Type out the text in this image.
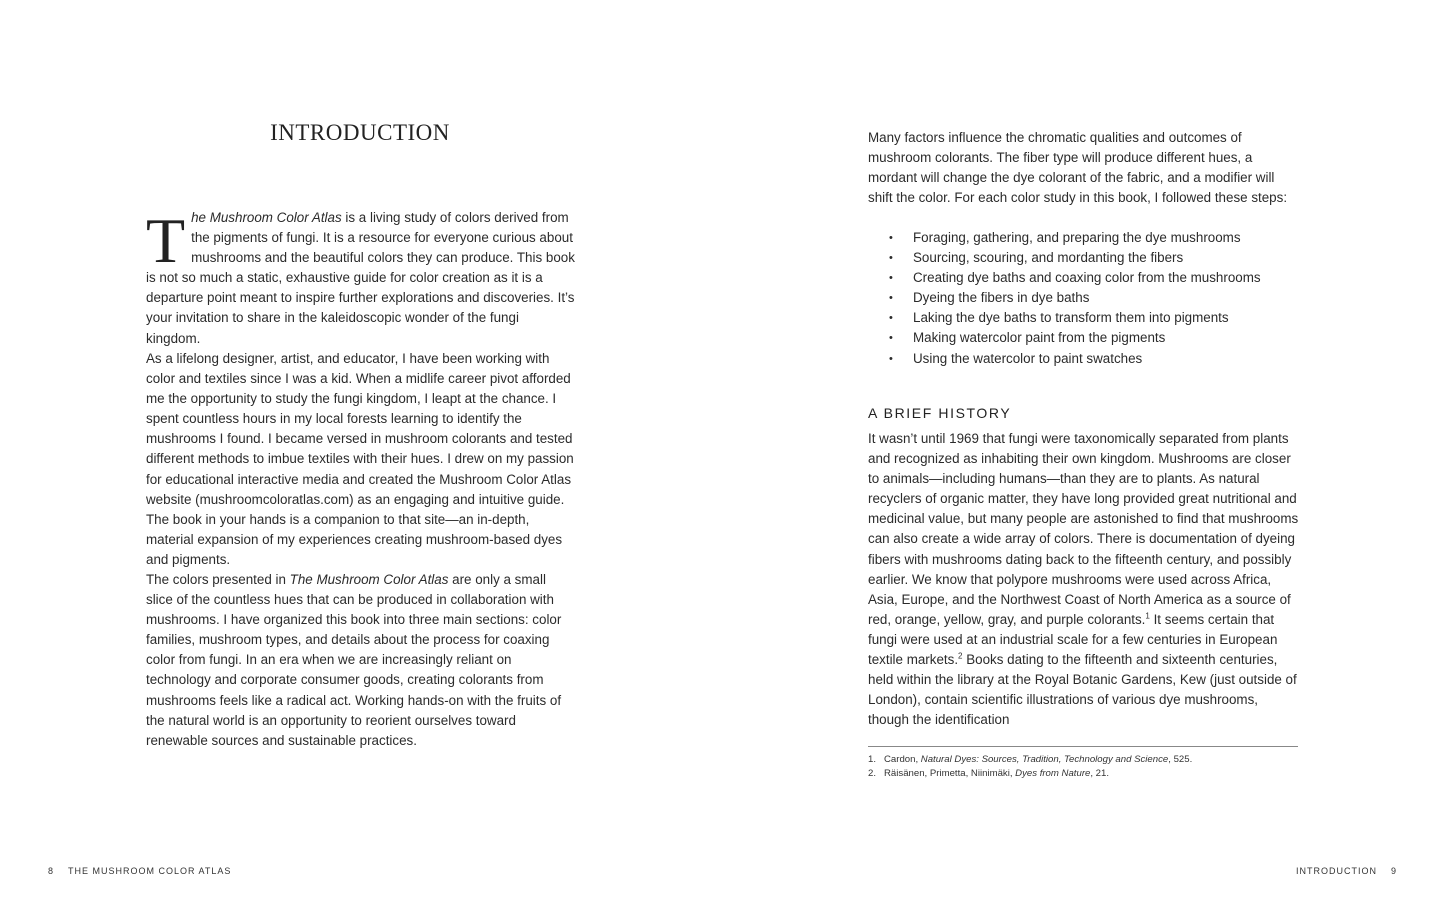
INTRODUCTION

The Mushroom Color Atlas is a living study of colors derived from the pigments of fungi. It is a resource for everyone curious about mushrooms and the beautiful colors they can produce. This book is not so much a static, exhaustive guide for color creation as it is a departure point meant to inspire further explorations and discoveries. It’s your invitation to share in the kaleidoscopic wonder of the fungi kingdom.

As a lifelong designer, artist, and educator, I have been working with color and textiles since I was a kid. When a midlife career pivot afforded me the opportunity to study the fungi kingdom, I leapt at the chance. I spent countless hours in my local forests learning to identify the mushrooms I found. I became versed in mushroom colorants and tested different methods to imbue textiles with their hues. I drew on my passion for educational interactive media and created the Mushroom Color Atlas website (mushroomcoloratlas.com) as an engaging and intuitive guide. The book in your hands is a companion to that site—an in-depth, material expansion of my experiences creating mushroom-based dyes and pigments.

The colors presented in The Mushroom Color Atlas are only a small slice of the countless hues that can be produced in collaboration with mushrooms. I have organized this book into three main sections: color families, mushroom types, and details about the process for coaxing color from fungi. In an era when we are increasingly reliant on technology and corporate consumer goods, creating colorants from mushrooms feels like a radical act. Working hands-on with the fruits of the natural world is an opportunity to reorient ourselves toward renewable sources and sustainable practices.

8 THE MUSHROOM COLOR ATLAS

Many factors influence the chromatic qualities and outcomes of mushroom colorants. The fiber type will produce different hues, a mordant will change the dye colorant of the fabric, and a modifier will shift the color. For each color study in this book, I followed these steps:

• Foraging, gathering, and preparing the dye mushrooms
• Sourcing, scouring, and mordanting the fibers
• Creating dye baths and coaxing color from the mushrooms
• Dyeing the fibers in dye baths
• Laking the dye baths to transform them into pigments
• Making watercolor paint from the pigments
• Using the watercolor to paint swatches
A BRIEF HISTORY

It wasn’t until 1969 that fungi were taxonomically separated from plants and recognized as inhabiting their own kingdom. Mushrooms are closer to animals—including humans—than they are to plants. As natural recyclers of organic matter, they have long provided great nutritional and medicinal value, but many people are astonished to find that mushrooms can also create a wide array of colors. There is documentation of dyeing fibers with mushrooms dating back to the fifteenth century, and possibly earlier. We know that polypore mushrooms were used across Africa, Asia, Europe, and the Northwest Coast of North America as a source of red, orange, yellow, gray, and purple colorants.$^1$ It seems certain that fungi were used at an industrial scale for a few centuries in European textile markets.$^2$ Books dating to the fifteenth and sixteenth centuries, held within the library at the Royal Botanic Gardens, Kew (just outside of London), contain scientific illustrations of various dye mushrooms, though the identification

1. Cardon, Natural Dyes: Sources, Tradition, Technology and Science, 525.
2. Räisänen, Primetta, Niinimäki, Dyes from Nature, 21.
INTRODUCTION 9
